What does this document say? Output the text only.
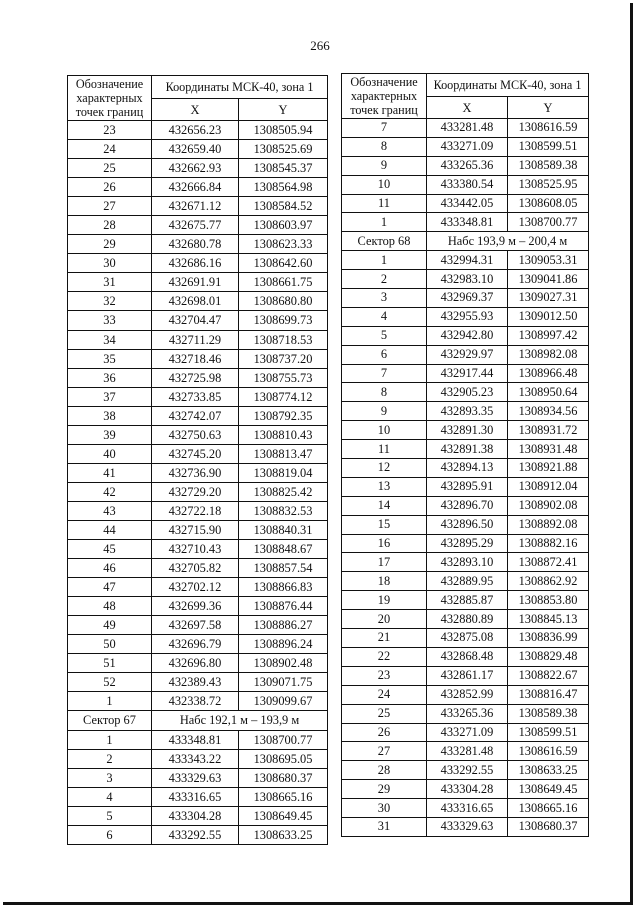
266
Обозначение характерных точек границ	Координаты МСК-40, зона 1	
	X	Y
23	432656.23	1308505.94
24	432659.40	1308525.69
25	432662.93	1308545.37
26	432666.84	1308564.98
27	432671.12	1308584.52
28	432675.77	1308603.97
29	432680.78	1308623.33
30	432686.16	1308642.60
31	432691.91	1308661.75
32	432698.01	1308680.80
33	432704.47	1308699.73
34	432711.29	1308718.53
35	432718.46	1308737.20
36	432725.98	1308755.73
37	432733.85	1308774.12
38	432742.07	1308792.35
39	432750.63	1308810.43
40	432745.20	1308813.47
41	432736.90	1308819.04
42	432729.20	1308825.42
43	432722.18	1308832.53
44	432715.90	1308840.31
45	432710.43	1308848.67
46	432705.82	1308857.54
47	432702.12	1308866.83
48	432699.36	1308876.44
49	432697.58	1308886.27
50	432696.79	1308896.24
51	432696.80	1308902.48
52	432389.43	1309071.75
1	432338.72	1309099.67
Сектор 67	Набс 192,1 м – 193,9 м	
1	433348.81	1308700.77
2	433343.22	1308695.05
3	433329.63	1308680.37
4	433316.65	1308665.16
5	433304.28	1308649.45
6	433292.55	1308633.25
Обозначение характерных точек границ	Координаты МСК-40, зона 1	
	X	Y
7	433281.48	1308616.59
8	433271.09	1308599.51
9	433265.36	1308589.38
10	433380.54	1308525.95
11	433442.05	1308608.05
1	433348.81	1308700.77
Сектор 68	Набс 193,9 м – 200,4 м	
1	432994.31	1309053.31
2	432983.10	1309041.86
3	432969.37	1309027.31
4	432955.93	1309012.50
5	432942.80	1308997.42
6	432929.97	1308982.08
7	432917.44	1308966.48
8	432905.23	1308950.64
9	432893.35	1308934.56
10	432891.30	1308931.72
11	432891.38	1308931.48
12	432894.13	1308921.88
13	432895.91	1308912.04
14	432896.70	1308902.08
15	432896.50	1308892.08
16	432895.29	1308882.16
17	432893.10	1308872.41
18	432889.95	1308862.92
19	432885.87	1308853.80
20	432880.89	1308845.13
21	432875.08	1308836.99
22	432868.48	1308829.48
23	432861.17	1308822.67
24	432852.99	1308816.47
25	433265.36	1308589.38
26	433271.09	1308599.51
27	433281.48	1308616.59
28	433292.55	1308633.25
29	433304.28	1308649.45
30	433316.65	1308665.16
31	433329.63	1308680.37
